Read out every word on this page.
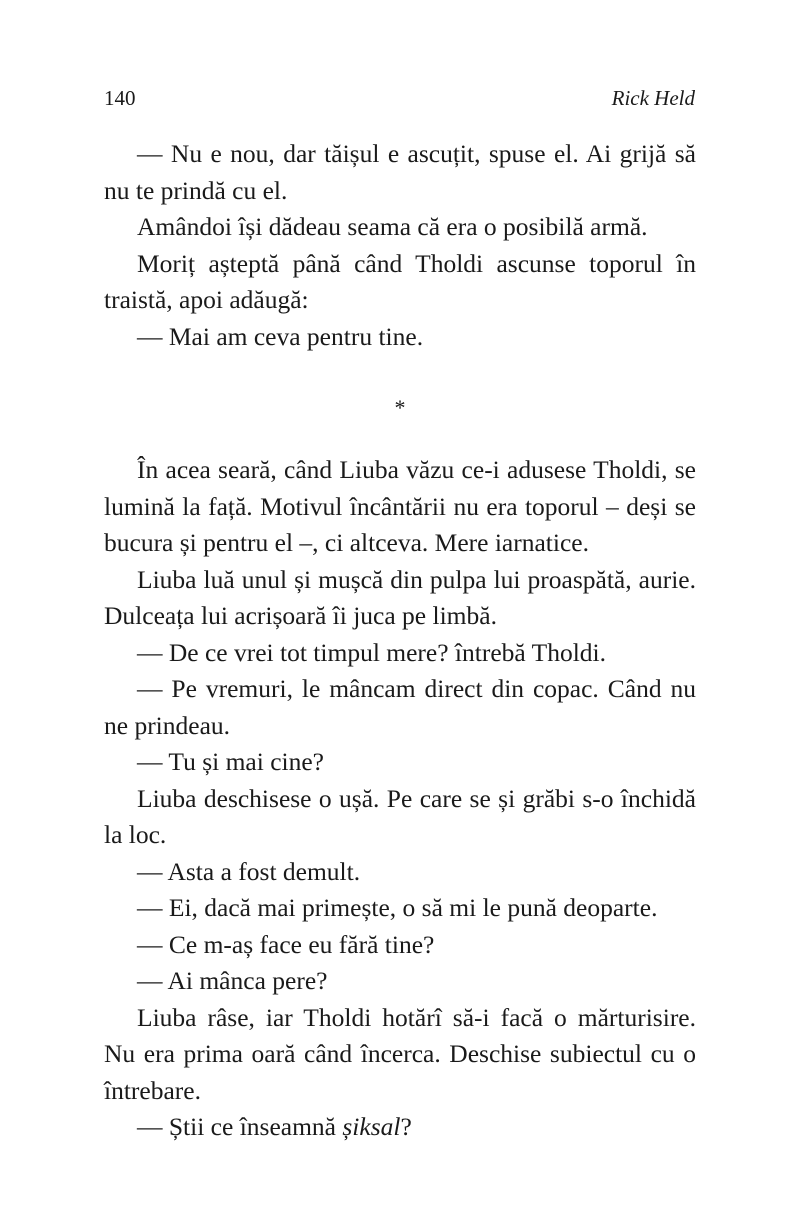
140	Rick Held

— Nu e nou, dar tăișul e ascuțit, spuse el. Ai grijă să nu te prindă cu el.

Amândoi își dădeau seama că era o posibilă armă.

Moriț așteptă până când Tholdi ascunse toporul în traistă, apoi adăugă:

— Mai am ceva pentru tine.

*

În acea seară, când Liuba văzu ce-i adusese Tholdi, se lumină la față. Motivul încântării nu era toporul – deși se bucura și pentru el –, ci altceva. Mere iarnatice.

Liuba luă unul și mușcă din pulpa lui proaspătă, aurie. Dulceața lui acrișoară îi juca pe limbă.

— De ce vrei tot timpul mere? întrebă Tholdi.

— Pe vremuri, le mâncam direct din copac. Când nu ne prindeau.

— Tu și mai cine?

Liuba deschisese o ușă. Pe care se și grăbi s-o închidă la loc.

— Asta a fost demult.

— Ei, dacă mai primește, o să mi le pună deoparte.

— Ce m-aș face eu fără tine?

— Ai mânca pere?

Liuba râse, iar Tholdi hotărî să-i facă o mărturisire. Nu era prima oară când încerca. Deschise subiectul cu o întrebare.

— Știi ce înseamnă șiksal?
